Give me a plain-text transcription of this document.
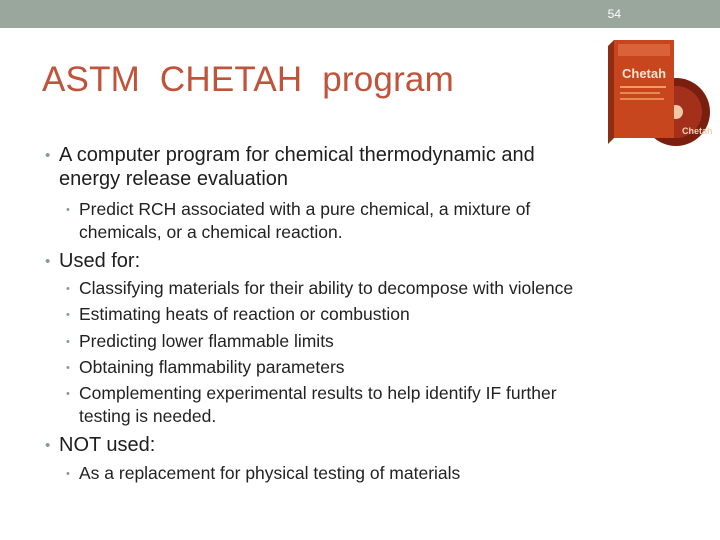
54
ASTM  CHETAH  program
Chetah
Chetah
• A computer program for chemical thermodynamic and
energy release evaluation
• Predict RCH associated with a pure chemical, a mixture of
chemicals, or a chemical reaction.
• Used for:
• Classifying materials for their ability to decompose with violence
• Estimating heats of reaction or combustion
• Predicting lower flammable limits
• Obtaining flammability parameters
• Complementing experimental results to help identify IF further
testing is needed.
• NOT used:
• As a replacement for physical testing of materials
